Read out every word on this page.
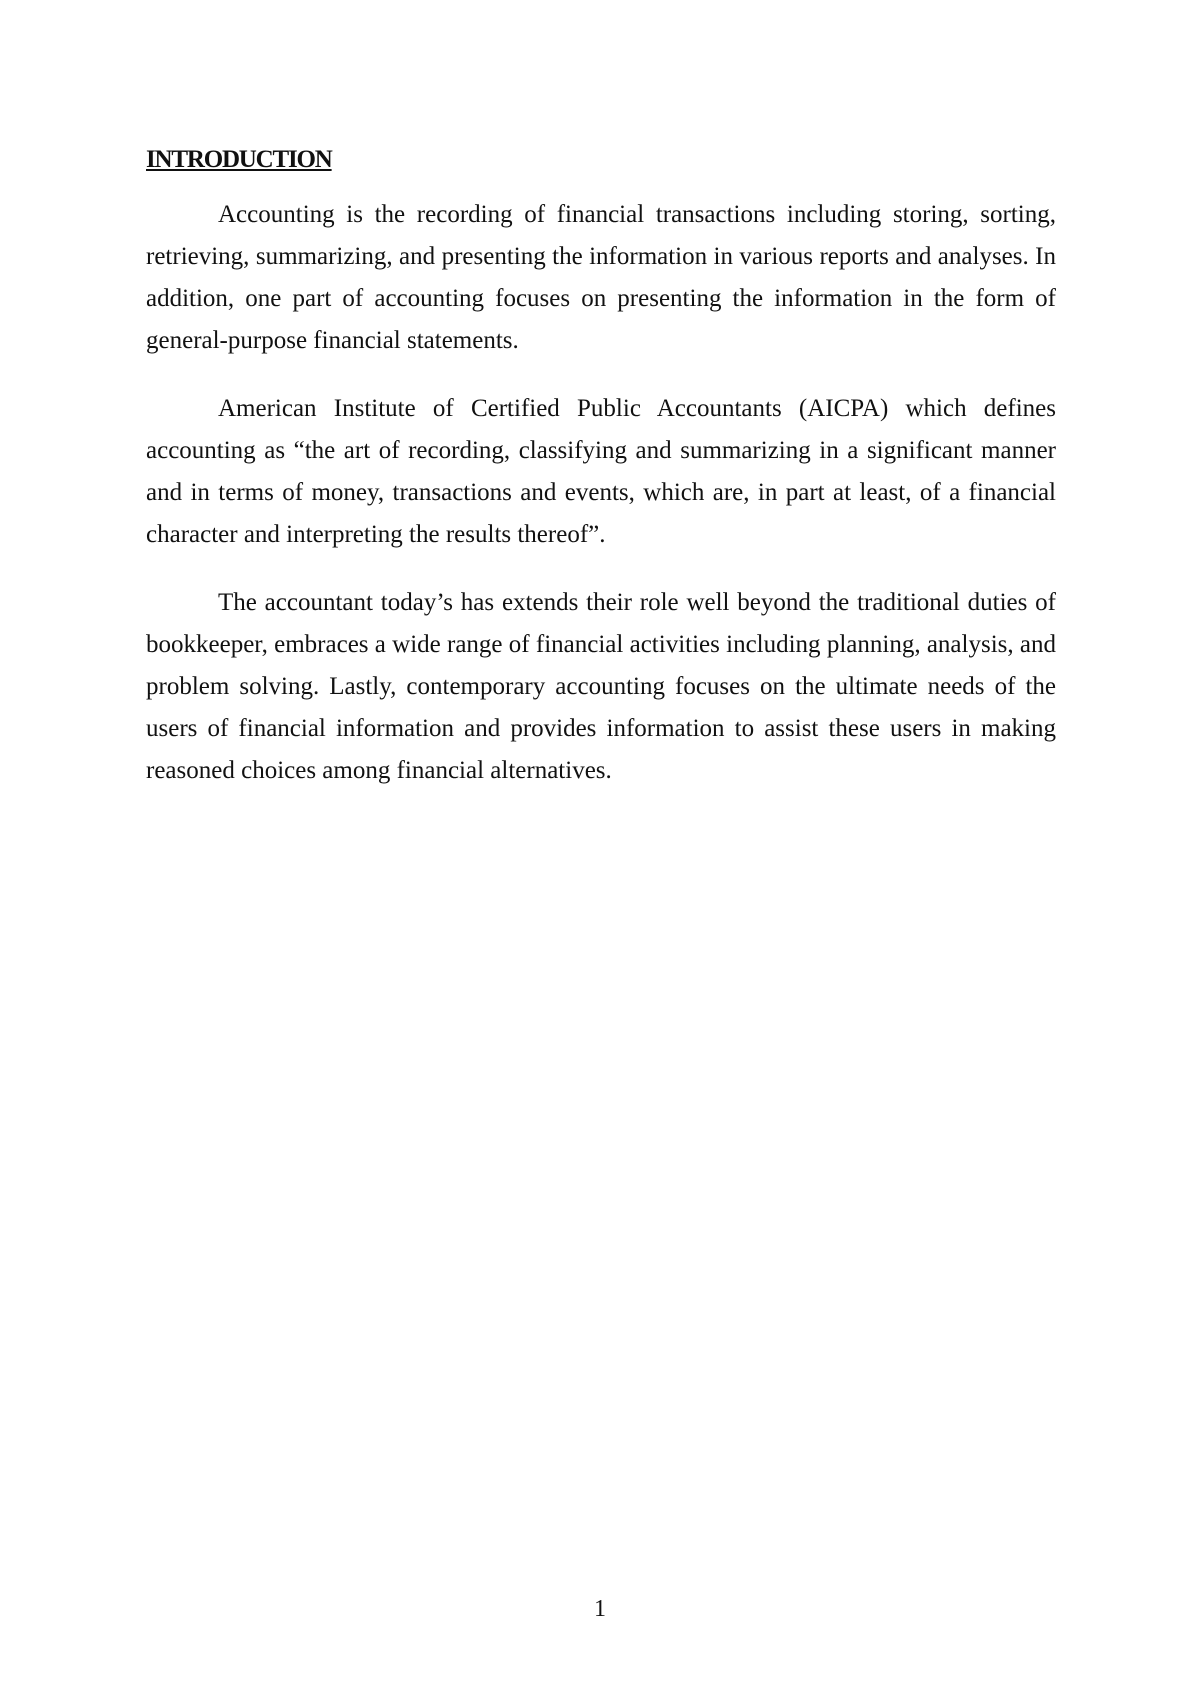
INTRODUCTION

Accounting is the recording of financial transactions including storing, sorting, retrieving, summarizing, and presenting the information in various reports and analyses. In addition, one part of accounting focuses on presenting the information in the form of general-purpose financial statements.

American Institute of Certified Public Accountants (AICPA) which defines accounting as “the art of recording, classifying and summarizing in a significant manner and in terms of money, transactions and events, which are, in part at least, of a financial character and interpreting the results thereof”.

The accountant today’s has extends their role well beyond the traditional duties of bookkeeper, embraces a wide range of financial activities including planning, analysis, and problem solving. Lastly, contemporary accounting focuses on the ultimate needs of the users of financial information and provides information to assist these users in making reasoned choices among financial alternatives.

1
